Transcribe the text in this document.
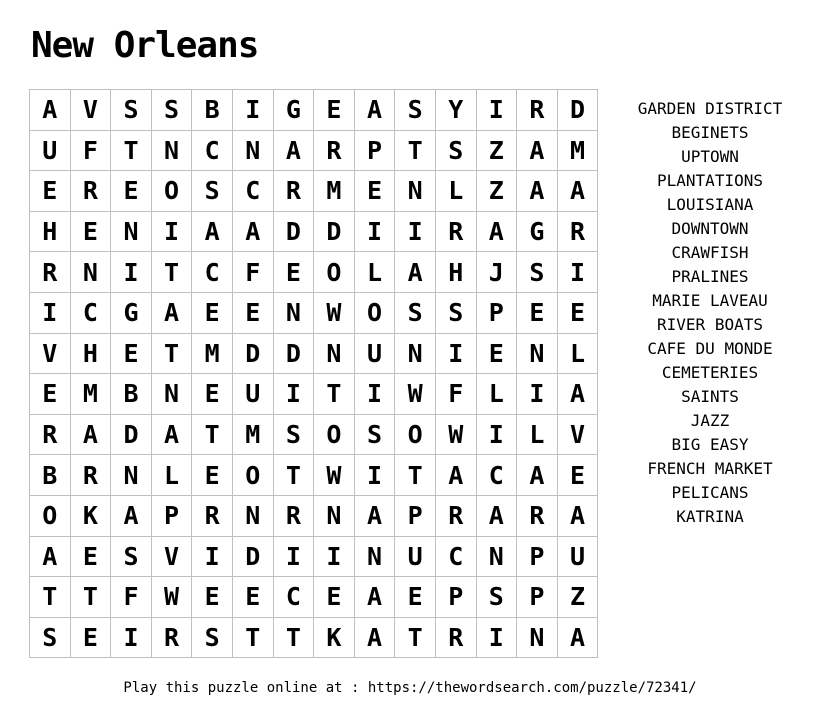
New Orleans
A	V	S	S	B	I	G	E	A	S	Y	I	R	D
U	F	T	N	C	N	A	R	P	T	S	Z	A	M
E	R	E	O	S	C	R	M	E	N	L	Z	A	A
H	E	N	I	A	A	D	D	I	I	R	A	G	R
R	N	I	T	C	F	E	O	L	A	H	J	S	I
I	C	G	A	E	E	N	W	O	S	S	P	E	E
V	H	E	T	M	D	D	N	U	N	I	E	N	L
E	M	B	N	E	U	I	T	I	W	F	L	I	A
R	A	D	A	T	M	S	O	S	O	W	I	L	V
B	R	N	L	E	O	T	W	I	T	A	C	A	E
O	K	A	P	R	N	R	N	A	P	R	A	R	A
A	E	S	V	I	D	I	I	N	U	C	N	P	U
T	T	F	W	E	E	C	E	A	E	P	S	P	Z
S	E	I	R	S	T	T	K	A	T	R	I	N	A
GARDEN DISTRICT
BEGINETS
UPTOWN
PLANTATIONS
LOUISIANA
DOWNTOWN
CRAWFISH
PRALINES
MARIE LAVEAU
RIVER BOATS
CAFE DU MONDE
CEMETERIES
SAINTS
JAZZ
BIG EASY
FRENCH MARKET
PELICANS
KATRINA
Play this puzzle online at : https://thewordsearch.com/puzzle/72341/
